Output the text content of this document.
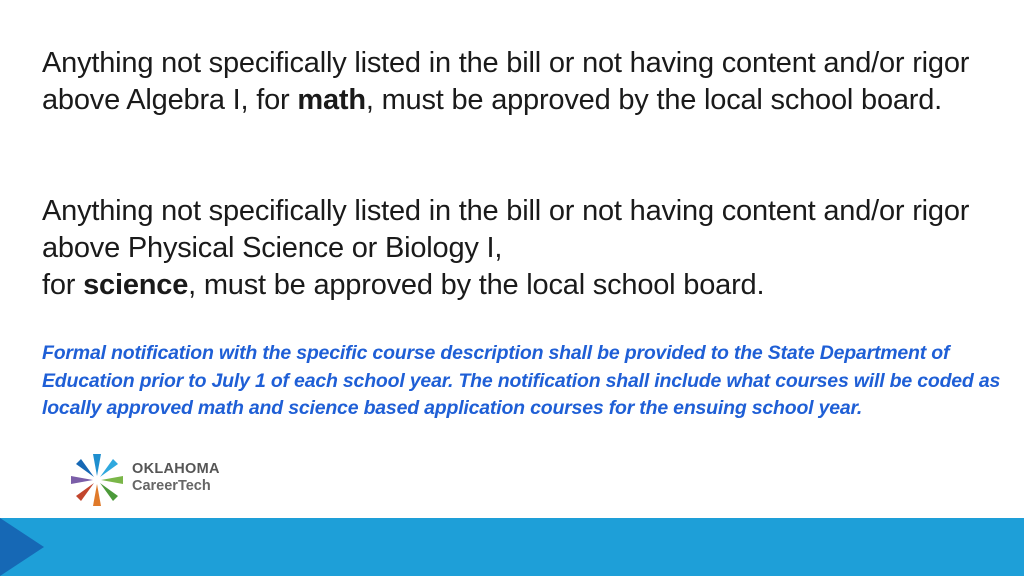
Anything not specifically listed in the bill or not having content and/or rigor above Algebra I, for math, must be approved by the local school board.
Anything not specifically listed in the bill or not having content and/or rigor above Physical Science or Biology I,
for science, must be approved by the local school board.
Formal notification with the specific course description shall be provided to the State Department of Education prior to July 1 of each school year. The notification shall include what courses will be coded as locally approved math and science based application courses for the ensuing school year.
OKLAHOMA
CareerTech
